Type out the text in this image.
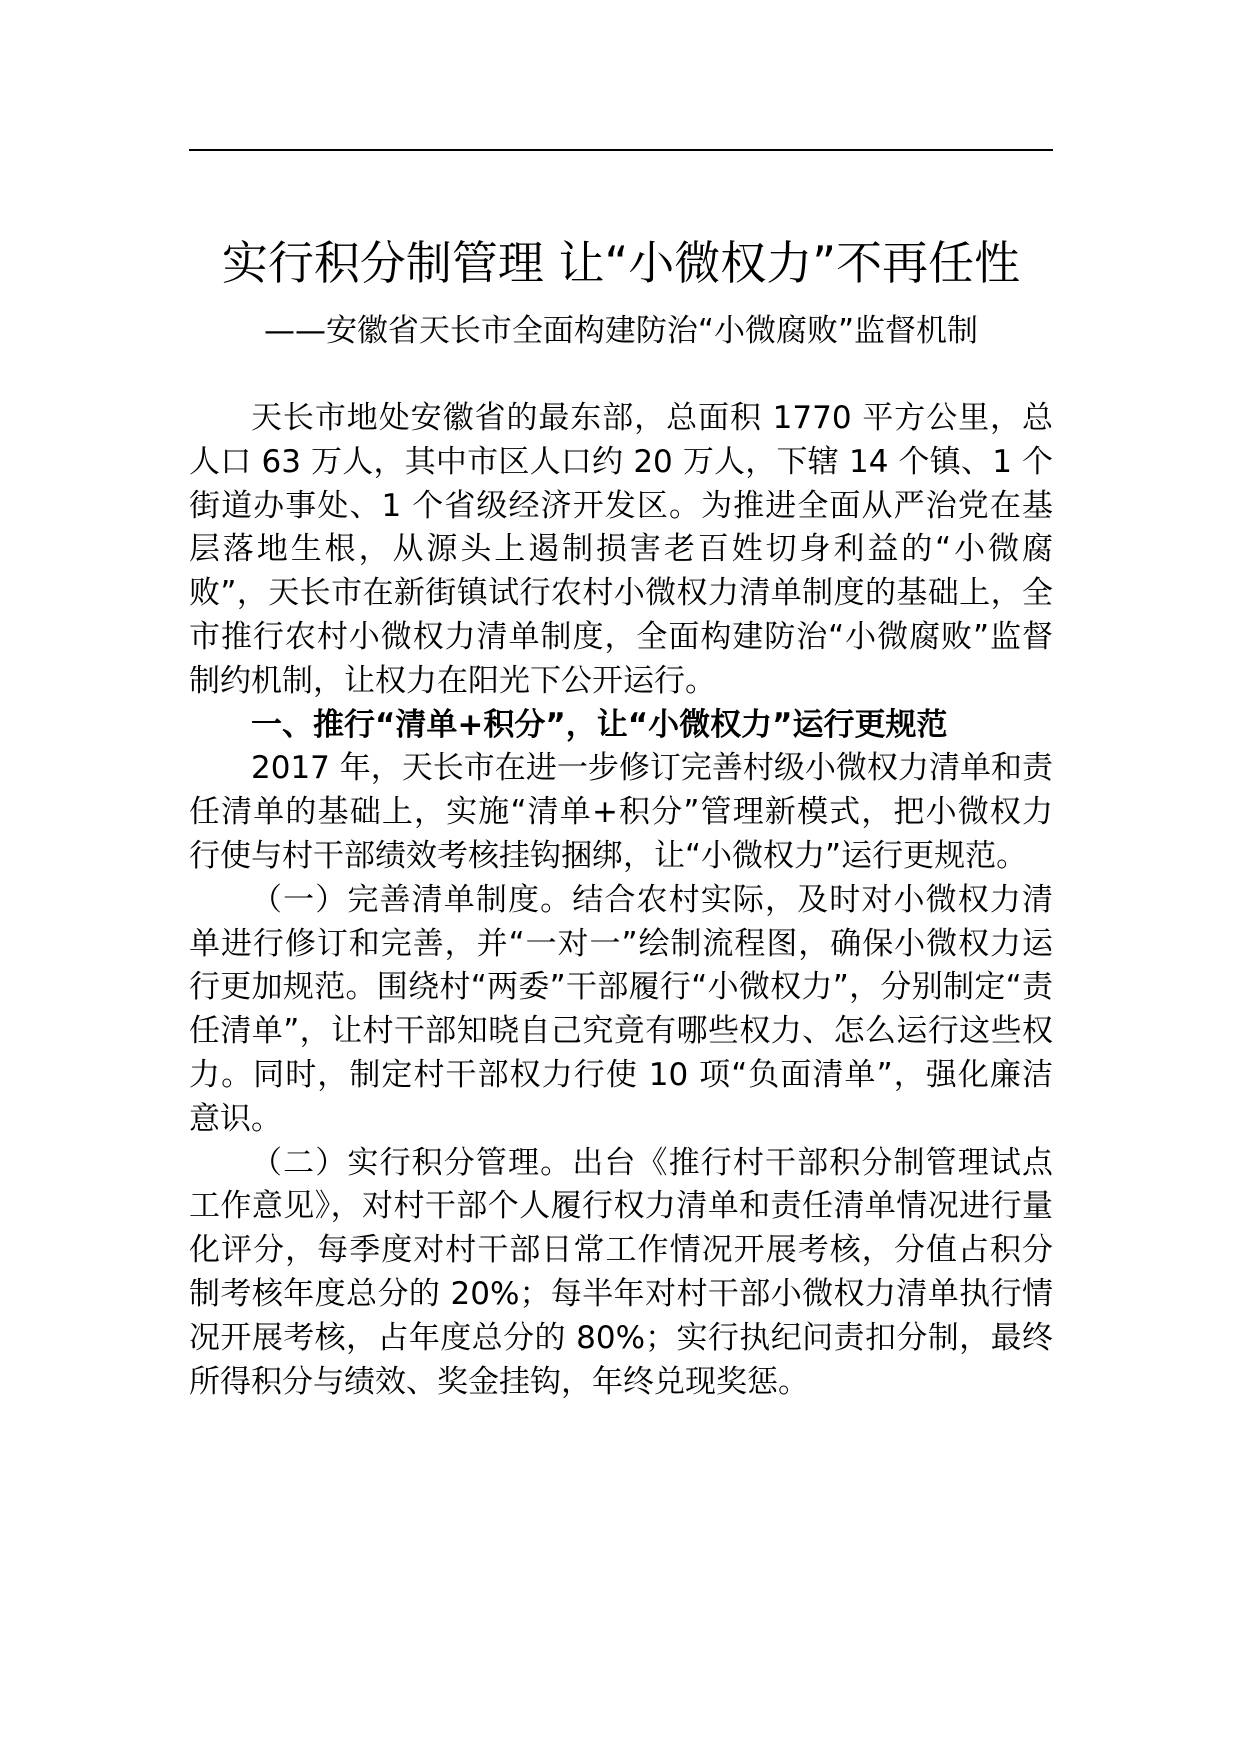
实行积分制管理 让“小微权力”不再任性
——安徽省天长市全面构建防治“小微腐败”监督机制

天长市地处安徽省的最东部，总面积 1770 平方公里，总人口 63 万人，其中市区人口约 20 万人，下辖 14 个镇、1 个街道办事处、1 个省级经济开发区。为推进全面从严治党在基层落地生根，从源头上遏制损害老百姓切身利益的“小微腐败”，天长市在新街镇试行农村小微权力清单制度的基础上，全市推行农村小微权力清单制度，全面构建防治“小微腐败”监督制约机制，让权力在阳光下公开运行。

一、推行“清单+积分”，让“小微权力”运行更规范

2017 年，天长市在进一步修订完善村级小微权力清单和责任清单的基础上，实施“清单+积分”管理新模式，把小微权力行使与村干部绩效考核挂钩捆绑，让“小微权力”运行更规范。

（一）完善清单制度。结合农村实际，及时对小微权力清单进行修订和完善，并“一对一”绘制流程图，确保小微权力运行更加规范。围绕村“两委”干部履行“小微权力”，分别制定“责任清单”，让村干部知晓自己究竟有哪些权力、怎么运行这些权力。同时，制定村干部权力行使 10 项“负面清单”，强化廉洁意识。

（二）实行积分管理。出台《推行村干部积分制管理试点工作意见》，对村干部个人履行权力清单和责任清单情况进行量化评分，每季度对村干部日常工作情况开展考核，分值占积分制考核年度总分的 20%；每半年对村干部小微权力清单执行情况开展考核，占年度总分的 80%；实行执纪问责扣分制，最终所得积分与绩效、奖金挂钩，年终兑现奖惩。
